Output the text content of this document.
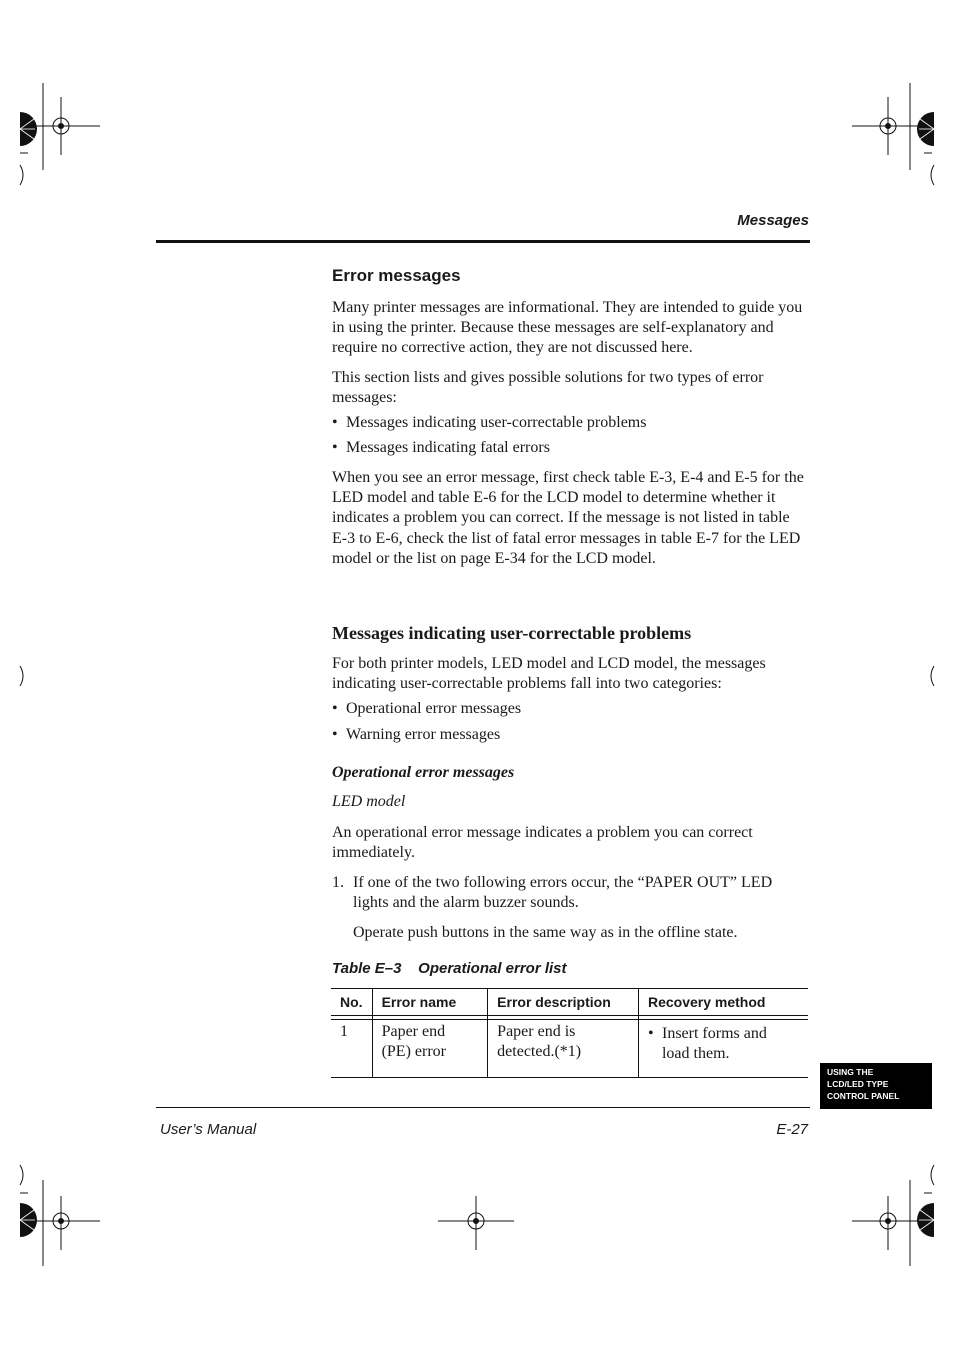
Messages
Error messages
Many printer messages are informational. They are intended to guide you in using the printer. Because these messages are self-explanatory and require no corrective action, they are not discussed here.
This section lists and gives possible solutions for two types of error messages:
• Messages indicating user-correctable problems
• Messages indicating fatal errors
When you see an error message, first check table E-3, E-4 and E-5 for the LED model and table E-6 for the LCD model to determine whether it indicates a problem you can correct. If the message is not listed in table E-3 to E-6, check the list of fatal error messages in table E-7 for the LED model or the list on page E-34 for the LCD model.
Messages indicating user-correctable problems
For both printer models, LED model and LCD model, the messages indicating user-correctable problems fall into two categories:
• Operational error messages
• Warning error messages
Operational error messages
LED model
An operational error message indicates a problem you can correct immediately.
1. If one of the two following errors occur, the “PAPER OUT” LED lights and the alarm buzzer sounds.
Operate push buttons in the same way as in the offline state.
Table E–3    Operational error list
No.	Error name	Error description	Recovery method

1	Paper end (PE) error	Paper end is detected.(*1)	• Insert forms and load them.
USING THE
LCD/LED TYPE
CONTROL PANEL
User’s Manual	E-27
